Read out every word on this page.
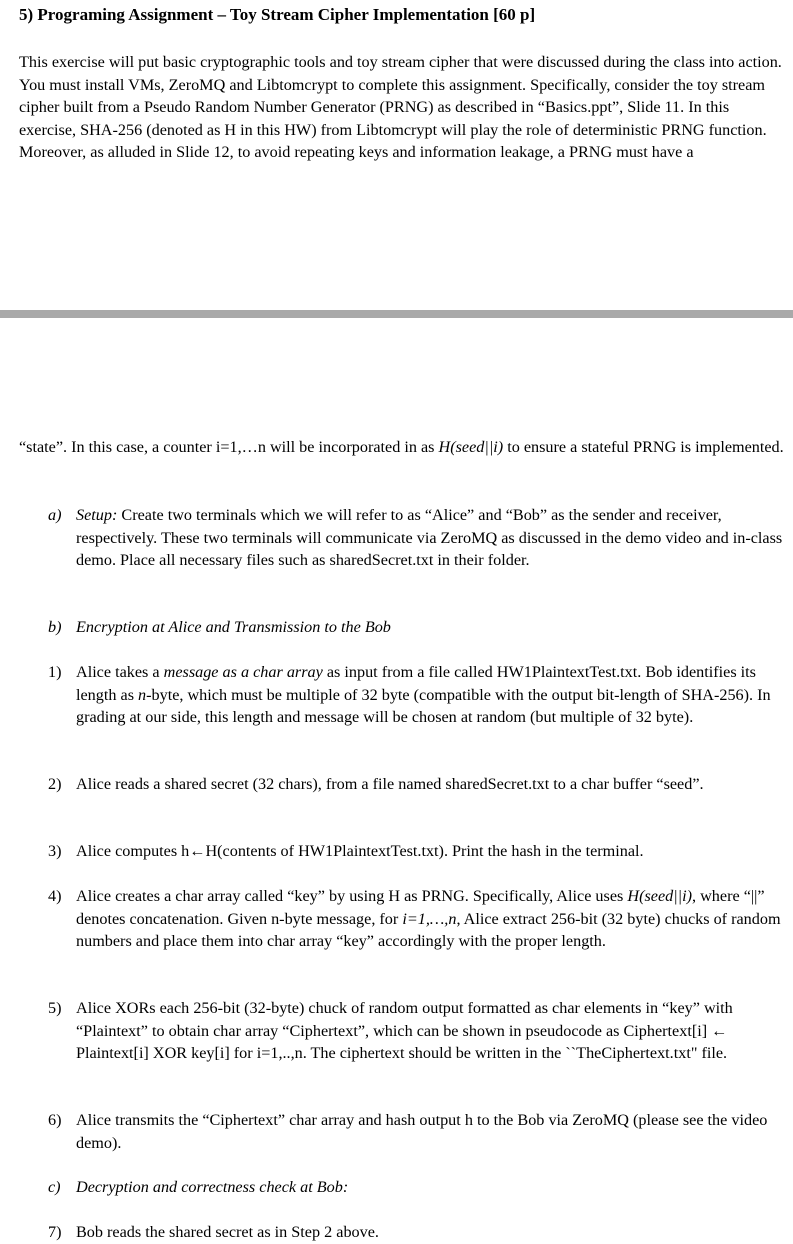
5) Programing Assignment – Toy Stream Cipher Implementation [60 p]

This exercise will put basic cryptographic tools and toy stream cipher that were discussed during the class into action. You must install VMs, ZeroMQ and Libtomcrypt to complete this assignment. Specifically, consider the toy stream cipher built from a Pseudo Random Number Generator (PRNG) as described in “Basics.ppt”, Slide 11. In this exercise, SHA-256 (denoted as H in this HW) from Libtomcrypt will play the role of deterministic PRNG function. Moreover, as alluded in Slide 12, to avoid repeating keys and information leakage, a PRNG must have a

“state”. In this case, a counter i=1,…n will be incorporated in as H(seed||i) to ensure a stateful PRNG is implemented.

a) Setup: Create two terminals which we will refer to as “Alice” and “Bob” as the sender and receiver, respectively. These two terminals will communicate via ZeroMQ as discussed in the demo video and in-class demo. Place all necessary files such as sharedSecret.txt in their folder.
b) Encryption at Alice and Transmission to the Bob
1) Alice takes a message as a char array as input from a file called HW1PlaintextTest.txt. Bob identifies its length as n-byte, which must be multiple of 32 byte (compatible with the output bit-length of SHA-256). In grading at our side, this length and message will be chosen at random (but multiple of 32 byte).
2) Alice reads a shared secret (32 chars), from a file named sharedSecret.txt to a char buffer “seed”.
3) Alice computes h←H(contents of HW1PlaintextTest.txt). Print the hash in the terminal.
4) Alice creates a char array called “key” by using H as PRNG. Specifically, Alice uses H(seed||i), where “||” denotes concatenation. Given n-byte message, for i=1,…,n, Alice extract 256-bit (32 byte) chucks of random numbers and place them into char array “key” accordingly with the proper length.
5) Alice XORs each 256-bit (32-byte) chuck of random output formatted as char elements in “key” with “Plaintext” to obtain char array “Ciphertext”, which can be shown in pseudocode as Ciphertext[i] ← Plaintext[i] XOR key[i] for i=1,..,n. The ciphertext should be written in the ``TheCiphertext.txt" file.
6) Alice transmits the “Ciphertext” char array and hash output h to the Bob via ZeroMQ (please see the video demo).
c) Decryption and correctness check at Bob:
7) Bob reads the shared secret as in Step 2 above.
